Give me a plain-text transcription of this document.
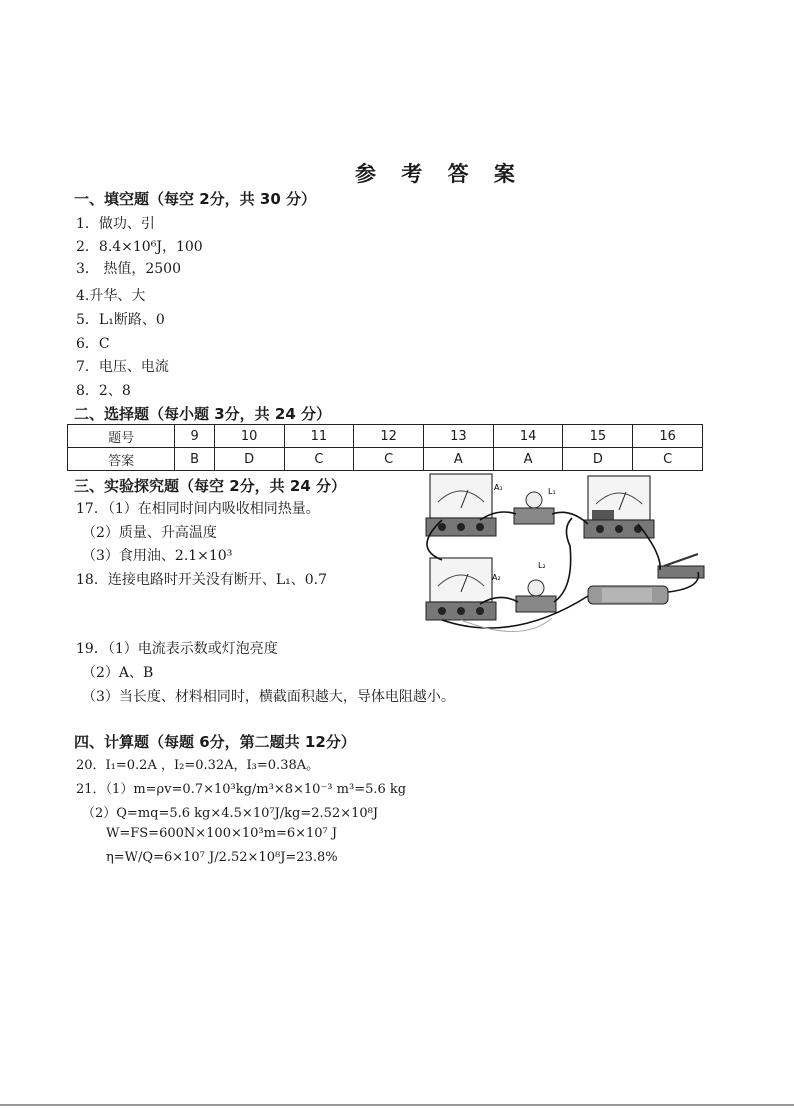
参 考 答 案
一、填空题（每空 2分，共 30 分）
1．做功、引
2．8.4×10⁶J，100
3． 热值，2500
4.升华、大
5．L₁断路、0
6．C
7．电压、电流
8．2、8
二、选择题（每小题 3分，共 24 分）
题号	9	10	11	12	13	14	15	16
答案	B	D	C	C	A	A	D	C
三、实验探究题（每空 2分，共 24 分）
17．（1）在相同时间内吸收相同热量。
（2）质量、升高温度
（3）食用油、2.1×10³
18．连接电路时开关没有断开、L₁、0.7
A₁	L₁
A₂
L₂
19．（1）电流表示数或灯泡亮度
（2）A、B
（3）当长度、材料相同时，横截面积越大，导体电阻越小。
四、计算题（每题 6分，第二题共 12分）
20．I₁=0.2A ，I₂=0.32A，I₃=0.38A。
21．（1）m=ρv=0.7×10³kg/m³×8×10⁻³ m³=5.6 kg
（2）Q=mq=5.6 kg×4.5×10⁷J/kg=2.52×10⁸J
W=FS=600N×100×10³m=6×10⁷ J
η=W/Q=6×10⁷ J/2.52×10⁸J=23.8%
